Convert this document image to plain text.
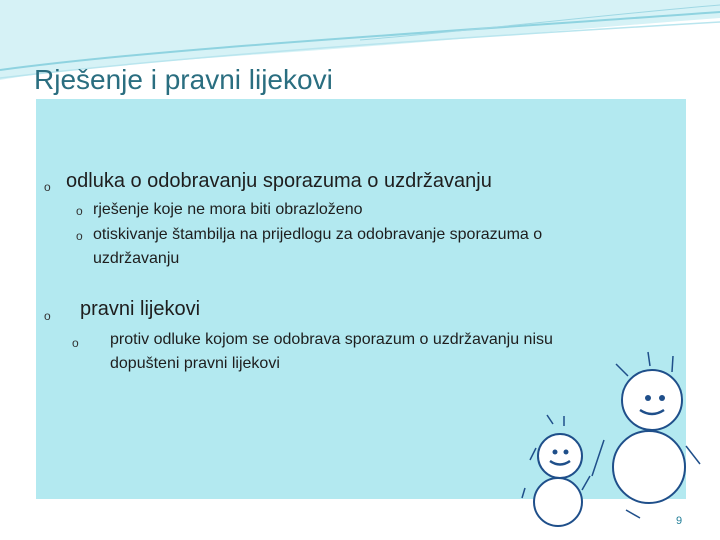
Rješenje i pravni lijekovi
o odluka o odobravanju sporazuma o uzdržavanju
o rješenje koje ne mora biti obrazloženo
o otiskivanje štambilja na prijedlogu za odobravanje sporazuma o uzdržavanju
o pravni lijekovi
o protiv odluke kojom se odobrava sporazum o uzdržavanju nisu dopušteni pravni lijekovi
9
